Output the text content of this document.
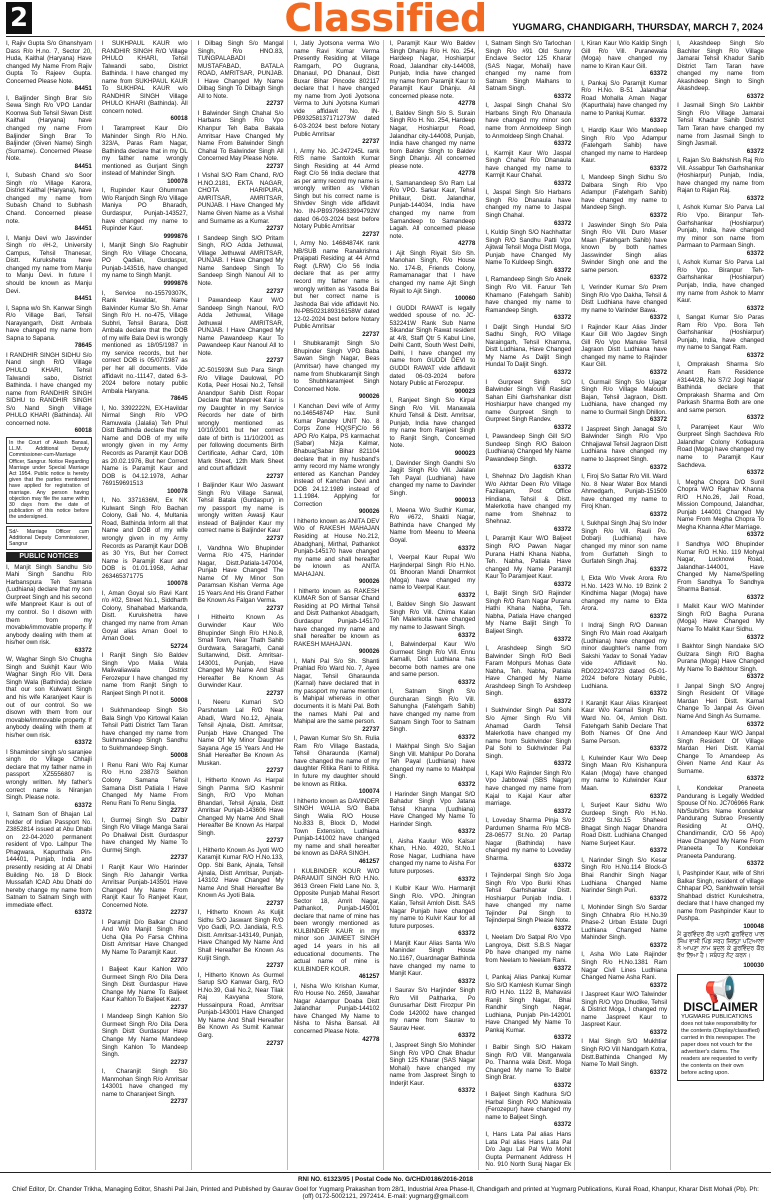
2	Classified	YUGMARG, CHANDIGARH, THURSDAY, MARCH 7, 2024

I, Rajiv Gupta S/o Ghanshyam Dass R/o H.no. 7, Sector 20, Huda, Kaithal (Haryana) Have changed My Name From Rajiv Gupta To Rajeev Gupta. Concerned Please Note.

84451

I, Baljinder Singh Brar S/o Sewa Singh R/o VPO Landar Koonwa Sub Tehsil Siwan Distt Kaithal (Haryana) have changed my name From Baljinder Singh Brar To Baljinder (Given Name) Singh (Surname). Concerned Please Note.

84451

I, Subash Chand s/o Soor Singh r/o Village Karora, District Kaithal (Haryana), have changed my name from Subash Chand to Subhash Chand. Concerned please note.

84451

I, Manju Devi w/o Jasvinder Singh r/o #H-2, University Campus, Tehsil Thanesar, Distt. Kurukshetra have changed my name from Manju to Manju Devi. In future I should be known as Manju Devi.

84451

I, Sapna w/o Sh. Kanwar Singh R/o Village Bari, Tehsil Narayangarh, Distt Ambala have changed my name from Sapna to Sapana.

78645

I RANDHIR SINGH SIDHU S/o Nand singh R/O Village PHULO KHARI, Tehsil Talwandi sabo, District Bathinda. I have changed my name from RANDHIR SINGH SIDHU to RANDHIR SINGH S/o Nand Singh Village PHULO KHARI (Bathinda). All concerned note.

60018
In the Court of Akash Bansal, LL.M. Additional Deputy Commissioner-cum-Marriage Officer, Sangrur. Notice Regarding Marriage under Special Marriage Act 1954. Public notice is hereby given that the parties mentioned have applied for registration of marriage. Any person having objection may file the same within 30 days from the date of publication of this notice before the undersigned.
Sd/- Marriage Officer cum Additional Deputy Commissioner, Sangrur
PUBLIC NOTICES

I, Manjit Singh Sandhu S/o Mahi Singh Sandhu R/o Harbanspura Teh Samana (Ludhiana) declare that my son Gurpreet Singh and his second wife Manpreet Kaur is out of my control. So I disown with them from my movable/immovable property. If anybody dealing with them at his/her own risk.

63372

W, Waghar Singh S/o Chugha Singh and Sukhjit Kaur W/o Waghar Singh R/o Vill. Dera Singh Wala (Bathinda) declare that our son Kulwant Singh and his wife Karanjeet Kaur is out of our control. So we disown with them from our movable/immovable property. If anybody dealing with them at his/her own risk.

63372

I Shaminder singh s/o saranjee singh r/o Village Chhajli declare that my father name in passport XZ5556807 is wrongly written. My father's correct name is Niranjan Singh. Please note.

63372

I, Satnam Son of Bhajan Lal holder of Indian Passport No. Z3852814 issued at Abu Dhabi on 22-04-2020 permanent resident of Vpo. Lalhpur The Phagwara, Kapurthala Pin-144401, Punjab, India and presently residing at Al Dhabi Building No. 18 D Block Mussafah ICAD Abu Dhabi do hereby change my name from Satnam to Satnam Singh with immediate effect.

63372

I SUKHPAUL KAUR w/o RANDHIR SINGH R/O Village PHULO KHARI, Tehsil Talwandi sabo, District Bathinda. I have changed my name from SUKHPAUL KAUR To SUKHPAL KAUR w/o RANDHIR SINGH Village PHULO KHARI (Bathinda). All concern noted.

60018

I Tarampreet Kaur D/o Mahinder Singh R/o H.No. 323/A, Paras Ram Nagar, Bathinda declare that in my DL my father name wrongly mentioned as Gurjant Singh instead of Mahinder Singh.

100078

I, Rupinder Kaur Ghumman W/o Ranjodh Singh R/o Village Maniya PO Bharadh, Gurdaspur, Punjab-143527, have changed my name to Rupinder Kaur.

9999876

I, Manjit Singh S/o Raghubir Singh R/o Village Chocana, PO Qadian, Gurdaspur, Punjab-143516, have changed my name to Singh Manjit.

9999876

I, Service no-15579307K, Rank Havaldar, Name Balvinder Kumar S/o Sh. Amar Singh R/o H. no-475, Village Subhri, Tehsil Barara, Distt Ambala declare that the DOB of my wife Bala Devi is wrongly mentioned as 18/05/1987 in my service records, but her correct DOB is 05/07/1987 as per her all documents. Vide affidavit no.-11147, dated 6-3-2024 before notary public Ambala Haryana.

78645

I, No. 3392222N, EX-Havildar Nirmal Singh R/o VPO Ramuwala (Jalalia) Teh Phul Distt Bathinda declare that my Name and DOB of my wife wrongly given in my Army Records as Paramjit Kaur DOB as 20.02.1976, But her Correct Name is Paramjit Kaur and DOB is 04.12.1978, Adhar 769159691513

100078

I, No. 3371636M, Ex NK Kulwant Singh R/o Bachan Colony, Gali No. 4, Multania Road, Bathinda Inform all that Name and DOB of my wife wrongly given in my Army Records as Paramjit Kaur DOB as 30 Yrs, But her Correct Name is Paramjit Kaur and DOB is 01.01.1958, Adhar 263465371775

100078

I, Aman Goyal s/o Ravi Kant r/o #02, Street No.1, Siddharth Colony, Shahabad Markanda, Distt. Kurukshetra have changed my name from Aman Goyal alias Aman Goel to Aman Goel.

52724

I Ranjit Singh S/o Baldev Singh Vpo Malia Wala Maliwaliawala District Ferozepur I have changed my name from Ranjit Singh to Ranjeet Singh Pl not it.

50008

I Sukhmandeep Singh S/o Bala Singh Vpo Kirtowal Kalan Tehsil Patti District Tarn Taran have changed my name from Sukhmandeep Singh Sandhu to Sukhmandeep Singh.

50008

I Renu Rani W/o Raj Kumar R/o H.no 2387/3 Sekhon Colony Samana Tehsil Samana Distt Patiala I Have Changed My Name From Renu Rani To Renu Singla.

22737

I, Gurmej Singh S/o Dalbir Singh R/o Village Manga Sarai Po Dhaliwal Distt. Gurdaspur have changed My Name To Gurmej Singh.

22737

I Ranjit Kaur W/o Harinder Singh R/o Jahangir Vertka Amritsar Punjab-143501 Have Changed My Name From Ranjit Kaur To Ranjeet Kaur, Concerned Note.

22737

I Paramjit D/o Balkar Chand And W/o Manjit Singh R/o Ucha Qila Po Farsa Chhina Distt Amritsar Have Changed My Name To Paramjit Kaur.

22737

I Baljeet Kaur Kahlon W/o Gurmeet Singh R/o Dila Dera Singh Distt Gurdaspur Have Change My Name To Baljeet Kaur Kahlon To Baljeet Kaur.

22737

I Mandeep Singh Kahlon S/o Gurmeet Singh R/o Dila Dera Singh Distt Gurdaspur Have Change My Name Mandeep Singh Kahlon To Mandeep Singh.

22737

I, Charanjit Singh S/o Manmohan Singh R/o Amritsar 143001 have changed my name to Charanjeet Singh.

22737

I Dilbag Singh S/o Mangal Singh, R/o HNO.83, TUNGPALABADI MUSTAFABAD, BATALA ROAD, AMRITSAR, PUNJAB. I Have Changed My Name Dilbag Singh To Dilbagh Singh All to Note.

22737

I Balwinder Singh Chahal S/o Harbans Singh R/o Vpo Khanpur Teh Baba Bakala Amritsar Have Changed My Name From Balwinder Singh Chahal To Balwinder Singh All Concerned May Please Note.

22737

I Vishal S/O Ram Chand, R/O H.NO.2181, EKTA NAGAR, CHOTA HARIPURA, AMRITSAR, AMRITSAR, PUNJAB. I Have Changed My Name Given Name as a Vishal and Surname as a Kumar.

22737

I Sandeep Singh S/O Pritam Singh, R/O Adda Jethuwal, Village Jethuwal AMRITSAR, PUNJAB. I Have Changed My Name Sandeep Singh To Sandeep Singh Nanoul All to Note.

22737

I Pawandeep Kaur W/O Sandeep Singh Nanoul, R/O Adda Jethuwal, Village Jethuwal AMRITSAR, PUNJAB. I Have Changed My Name Pawandeep Kaur To Pawandeep Kaur Nanoul All to Note.

22737

JC-501593M Sub Para Singh R/o Village Daulowal, PO Kotla, Peer Hosai No.2, Tehsil Anandpur Sahib Distt Ropar Declare that Manpreet Kaur is my Daughter in my Service Records her date of birth wrongly mentioned as 10/10/2001 but her correct date of birth is 11/10/2001 as per following documents Birth Certificate, Adhar Card, 10th Mark Sheet, 12th Mark Sheet and court affidavit

22737

I Baljinder Kaur W/o Jaswant Singh R/o Village Sarwal, Tehsil Batala (Gurdaspur) in my passport my name is wrongly written Awasji Kaur instead of Baljinder Kaur my correct name is Baljinder Kaur

22737

I, Vandhna W/o Bhupinder Verma R/o 475, Harinder Nagar, Distt.Patiala-147004, Punjab Have Changed The Name Of My Minor Son Paramsan Kishan Verma Age 15 Years And His Grand Father Be Known As Falgan Verma.

22737

I Hitheirto Known As Gurwinder Kaur W/o Bhupinder Singh R/o H.No.8, Small Town, Near Thath Sahib Gurdwara, Saragarhi, Canal Sultanwind, Distt. Amritsar-143001, Punjab, Have Changed My Name And Shall Hereafter Be Known As Gurwinder Kaur.

22737

I, Neeru Kumari S/O Parshotam Lal R/O Near Abadi, Ward No.12, Ajnala, Tehsil Ajnala, Distt. Amritsar, Punjab Have Changed The Name Of My Minor Daughter Sayana Age 15 Years And He Shall Hereafter Be Known As Muskan.

22737

I, Hitherto Known As Harpal Singh Panma S/O Kashmir Singh, R/O Vpo Mohan Bhandari, Tehsil Ajnala, Distt Amritsar Punjab-143606 Have Changed My Name And Shall Hereafter Be Known As Harpal Singh.

22737

I, Hitherto Known As Jyoti W/O Karamjit Kumar R/O H.No.133, Opp. Sbi Bank, Ajnala, Tehsil Ajnala, Distt Amritsar, Punjab-143102 Have Changed My Name And Shall Hereafter Be Known As Jyoti Bala.

22737

I, Hitherto Known As Kuljit Sidhu S/O Jaswant Singh R/O Vpo Gadli, P.O. Jandiala, R.S. Distt. Amritsar-143149, Punjab, Have Changed My Name And Shall Hereafter Be Known As Kuljit Singh.

22737

I, Hitherto Known As Gurmel Sarup S/O Kanwar Garg, R/O H.No.39, Gali No.2, Near Tilak Raj Kavyana Store, Hussainpura Road, Amritsar Punjab-143001 Have Changed My Name And Shall Hereafter Be Known As Sumit Kanwar Garg.

22737

I, Jatiy Jyotsona verma W/o name Ravi Kumar Verma Presently Residing at Village Ramgarh, PO Gugrana, Dhanaul, PO Dhanaul, Distt Buxar Bihar Pincode 802117 declare that I have changed my name from Jyoti Jyotsona Verma to Juhi Jyotsna Kumari vide affidavit No. IN-PB93258137171273W dated 6-03-2024 best before Notary Public Amritsar

22737

I, Army No. JC-247245L rank RIS name Santokh Kumar Singh Residing at 44 Armd Regt C/o 56 India declare that as per army record my name is wrongly written as Vikhan Singh but his correct name is Shivdev Singh vide affidavit No. IN-PB93796633994792W dated 06-03-2024 best before Notary Public Amritsar

22737

I, Army No. 14684874K rank NB/SUB name Ranakrishna Prajapati Residing at 44 Armd Regt (LRW) C/o 56 India declare that as per army record my father name is wrongly written as Yasoda Bai but her correct name is Jashoda Bai vide affidavit No. IN-PB5023189316158W dated 12-02-2024 best before Notary Public Amritsar

22737

I Shubkaramjit Singh S/o Bhupinder Singh VPO Baba Sawan Singh Nagar, Beas (Amritsar) have changed my name from Shubkaramjit Singh to Shubhkaramjeet Singh Concerned Note.

900026

I Kanchan Devi wife of Army no.14654874P Hav. Sunil Kumar Pandey UNIT No. 8 Corps Zone HQ(SF)C/o 56 APO R/o Kalpa, PS karmachat (Sabar) Nizja Kalmar, Bhabua(Sabar Bihar 821104 declare that in my husband's army record my Name wrongly entered as Kanchan Pandey instead of Kanchan Devi and DOB 24.12.1989 instead of 1.1.1984. Applying for Correction

900026

I hitherto known as ANITA DEV W/o of RAKESH MAHAJAN Residing at House No.212, Abadghanj, Mirthal, Pathankot Punjab-145170 have changed my name and shall hereafter be known as ANITA MAHAJAN.

900026

I hitherto known as RAKESH KUMAR Son of Sansar Chand Residing at PO Mirthal Tehsil and Distt Pathankot Abadgarh, Gurdaspur Punjab-145170 have changed my name and shall hereafter be known as RAKESH MAHAJAN.

900026

I, Mahi Pal S/o Sh. Shanti Prahlad R/o Ward No. 7, Ayee Nagar, Tehsil Gharaunda (Karnal) have declared that in my passport my name mention is Mahipal whereas in other documents it is Mahi Pal. Both the names Mahi Pal and Mahipal are the same person.

22737

I, Pawan Kumar S/o Sh. Rulia Ram R/o Village Bastada, Tehsil Gharaunda (Karnal) have changed the name of my daughter Ritika Rani to Ritika. In future my daughter should be known as Ritika.

100074

I hitherto known as DAVINDER SINGH WALIA S/O Baba Singh Walia R/O House No.833 B, Block D, Model Town Extension, Ludhiana Punjab-141002 have changed my name and shall hereafter be known as DARA SINGH.

461257

I KULBINDER KOUR W/O PARAMJIT SINGH R/O H.No. 3613 Green Field Lane No. 3, Opposite Punjab Mahal Resort Sector 18, Amrit Nagar, Pathankot, Punjab-145001 declare that name of mine has been wrongly mentioned as KULBINDER KAUR in my minor son JAIMEET SINGH aged 14 years in his all educational documents. The actual name of mine is KULBINDER KOUR.

461257

I, Nisha W/o Krishan Kumar, R/o House No. 2659, Jawahar Nagar Adampur Doaba Distt Jalandhar Punjab-144102 have Changed My Name to Nisha to Nisha Bansal. All concerned Please Note.

42778

I, Paramjit Kaur W/o Baldev Singh Dhanju R/o H. No. 254, Hardeep Nagar, Hoshiarpur Road, Jalandhar city-144008, Punjab, India have changed my name from Paramjit Kaur to Paramjit Kaur Dhanju. All concerned please note.

42778

I, Baldev Singh S/o S. Surain Singh R/o H. No. 254, Hardeep Nagar, Hoshiarpur Road, Jalandhar city-144008, Punjab, India have changed my name from Baldev Singh to Baldev Singh Dhanju. All concerned please note.

42778

I, Samanandeep S/o Ram Lal R/o VPO. Sarkar Kaur, Tehsil Phillaur, Distt. Jalandhar, Punjab-144034, India have changed my name from Samandeep to Samandeep Lagah. All concerned please note.

42778

I Ajit Singh Riyait S/o Sh. Manohan Singh, R/o House No. 174-B, Friends Colony, Ramamanagar that I have changed my name Ajit Singh Riyait to Ajit Singh.

100060

I GUDDI RAWAT is legally wedded spouse of no. JC-532241W Rank Sub Name Sikandar Singh Rawat resident at 4/8, Staff Qtr 5 Kabul Line, Delhi Cantt, South West Delhi, Delhi, I have changed my name from GUDDI DEVI to GUDDI RAWAT vide affidavit dated 06-03-2024 before Notary Public at Ferozepur.

900023

I, Ranjeet Singh S/o Kirpal Singh R/o Vill. Manawala Khurd Tehsil & Distt. Amritsar, Punjab, India have changed my name from Ranjeet Singh to Ranjit Singh, Concerned Note.

900023

I, Davinder Singh Gandhi S/o Jagjit Singh R/o Vill. Jalalan Teh Payal (Ludhiana) have changed my name to Davinder Singh.

900013

I, Meena W/o Sudhir Kumar, R/o #672, Shakti Nagar, Bathinda have Changed My Name from Meenu to Meena Goyal.

63372

I, Veerpal Kaur Rupal W/o Harjinderpal Singh R/o H.No. 01 Bhooran Mandi Dharmkot (Moga) have changed my name to Veerpal Kaur.

63372

I, Baldev Singh S/o Jaswant Singh R/o Vill. Chima Kalan Teh Malerkotla have changed my name to Jaswant Singh.

63372

I, Balwinderpal Kaur W/o Gurmeet Singh R/o Vill. Ennu Kamalli, Dist Ludhiana has become both names are one and same person.

63372

I, Satnam Singh S/o Gurcharan Singh R/o Vill. Sahungha (Fatehgarh Sahib) have changed my name from Satnam Singh Toor to Satnam Singh.

63372

I Makhpal Singh S/o Sajjan Singh Vill. Mahlipur Po Doraha Teh Payal (Ludhiana) have changed my name to Makhpal Singh.

63372

I Harinder Singh Mangat S/O Bahadur Singh Vpo Jatana Tehsil Khanna (Ludhiana) Have Changed My Name To Harinder Singh.

63372

I, Aisha Kaulur W/o Kalsar Khan, H.No. 4920, St.No.1 Rose Nagar, Ludhiana have changed my name to Aisha For future purposes.

63372

I Kulbir Kaur W/o. Harmanjit Singh R/o. VPO. Jhingran Kalan, Tehsil Amloh Distt. SAS Nagar Punjab have changed my name to Kulvir Kaur for all future purposes.

63372

I Manjit Kaur Alias Santa W/o Maninder Singh House No.1167, Guardnagar Bathinda have changed my name to Manjit Kaur.

63372

I Saurav S/o Harjinder Singh R/o Vill Paltharka, Po Gurusarhar Distt Firozpur Pin Code 142002 have changed my name from Saurav to Saurav Heer.

63372

I, Jaspreet Singh S/o Mohinder Singh R/o VPO Chak Bhadur Singh 125 Kharar (SAS Nagar Mohali) have changed my name from Jaspreet Singh to Inderjit Kaur.

63372

I, Satnam Singh S/o Tarlochan Singh R/o #91 Old Sunny Enclave Sector 125 Kharar (SAS Nagar, Mohali) have changed my name from Satnam Singh Malhans to Satnam Singh.

63372

I, Jaspal Singh Chahal S/o Harbans Singh R/o Dhanaula have changed my minor son name from Anmoldeep Singh to Anmoldeep Singh Chahal.

63372

I, Karmjit Kaur W/o Jaspal Singh Chahal R/o Dhanaula have changed my name to Karmjit Kaur Chahal.

63372

I, Jaspal Singh S/o Harbans Singh R/o Dhanaula have changed my name to Jaspal Singh Chahal.

63372

I, Kuldip Singh S/O Nachhattar Singh R/O Sandhu Patti Vpo Ajitwal Tehsil Moga Distt Moga, Punjab have Changed My Name To Kuldeep Singh.

63372

I, Ramandeep Singh S/o Aneik Singh R/o Vill. Faruur Teh Khamano (Fatehgarh Sahib) have changed my name to Ramandeep Singh.

63372

I Daljit Singh Hundal S/O Sadhu Singh, R/O Village Naraingarh, Tehsil Khamma, Distt Ludhiana, Have Changed My Name As Daljit Singh Hundal To Daljit Singh.

63372

I Gurpreet Singh S/O Balwinder Singh Vill Rasidar Sahan Eihi Garhshankar distt Hoshiarpur have changed my name Gurpreet Singh to Gurpreet Singh Randev.

63372

I, Pawandeep Singh Gill S/O Sundeep Singh R/O Baloon (Ludhiana) Changed My Name Pawandeep Singh.

63372

I, Shehnaz D/o Jagdish Khan W/o Akhtar Deen R/o Village Fazilaqam, Post Office Hindiana, Tehsil & Distt. Malerkotla have changed my name from Shehnaz to Shehnaz.

63372

I, Paramjit Kaur W/O Baljeet Singh R/O Pawan Nagar Purana Hathi Khana Nabha, Teh. Nabha, Patiala Have changed My Name Paramjit Kaur To Paramjeet Kaur.

63372

I, Baljit Singh S/O Rajinder Singh R/O Ram Nagar Purana Hathi Khana Nabha, Teh. Nabha, Patiala Have changed My Name Baljit Singh To Baljeet Singh.

63372

I, Arashdeep Singh S/O Balwinder Singh R/O Bedi Faram Mohpurs Mohas Gate Nabha, Teh. Nabha, Patiala Have Changed My Name Arashdeep Singh To Arshdeep Singh.

63372

I Sukhvinder Singh Pal Sohi S/o Ajmer Singh R/o Vill Ahamad Gardh Tehsil Malerkotla have changed my name from Sukhvinder Singh Pal Sohi to Sukhvinder Pal Singh.

63372

I, Kapi W/o Rajinder Singh R/o Vpo Jabbowal (SBS Nagar) have changed my name from Kajal to Kajal Kaur after marriage.

63372

I, Loveday Sharma Pinja S/o Pardumen Sharma R/o MCB-Z8-06577 St.No. 20 Partap Nagar (Bathinda) have changed my name to Loveday Sharma.

63372

I Tejinderpal Singh S/o Joga Singh R/o Vpo Burki Khas Tehsil Garhshankar Distt. Hoshiarpur Punjab India. I have changed my name Tejinder Pal Singh to Tejinderpal Singh Please Note.

63372

I, Neelam D/o Satpal R/o Vpo Langroya, Distt S.B.S Nagar Pb have changed my name from Neelam to Neelam Rani.

63372

I, Pankaj Alias Pankaj Kumar S/o S/O Kamlesh Kumar Singh R/O H.No. 1122 B, Mahavasi Ranjit Singh Nagar, Bhai Randhir Singh Nagar, Ludhiana, Punjab Pin-142001 Have Changed My Name To Pankaj Kumar.

63372

I Balbir Singh S/O Hakam Singh R/O Vill. Mangarwala Po. Thanna wala Distt. Moga Changed My name To Balbir Singh Brar.

63372

I Baljeet Singh Kadhura S/O Harbal Singh R/O Mahiowala (Ferozepur) have changed my name to Baljeet Singh.

63372

I, Hans Lata Pal alias Hans Lata Pal alias Hans Lata Pal D/o Jagu Lal Pal W/o Mohit Gupta Permanent Address H No. 910 North Suraj Nagar Ek

I, Kiran Kaur W/o Kaldip Singh Gill R/o Vill. Puranewala (Moga) have changed my name to Kiran Kaur Gill.

63372

I, Pankaj S/o Paramjit Kumar R/o H.No. B-51 Jalandhar Road Mohalla Aman Nagar (Kapurthala) have changed my name to Pankaj Kumar.

63372

I, Hardip Kaur W/o Mandeep Singh R/o Vpo Adampur (Fatehgarh Sahib) have changed my name to Hardeep Kaur.

63372

I, Mandeep Singh Sidhu S/o Dalbara Singh R/o Vpo Adampur (Fatehgarh Sahib) have changed my name to Mandeep Singh.

63372

I Jaswinder Singh S/o Pala Singh R/o Vill. Duro Maser Maan (Fatehgarh Sahib) have known by both names Jasswinder Singh alias Swinder Singh one and the same person.

63372

I, Verinder Kumar S/o Prem Singh R/o Vpo Dakha, Tehsil & Distt Ludhiana have changed my name to Varinder Bawa.

63372

I Rajinder Kaur Alias Jinder Kaur Gill W/o Jagdev Singh Gill R/o Vpo Manuke Tehsil Jagraon Distt Ludhiana have changed my name to Rajinder Kaur Gill.

63372

I, Gurmail Singh S/o Ujagar Singh R/o Village Maloudh Bajan, Tehsil Jagraon, Distt. Ludhiana, have changed my name to Gurmail Singh Dhillon.

63372

I Jaspreet Singh Janagal S/o Balwinder Singh R/o Vpo Chhajjawal Tehsil Jagraon Distt Ludhiana have changed my name to Jaspreet Singh.

63372

I, Firoj S/o Sattar R/o Vill. Ward No. 8 Near Water Box Mandi Ahmedgarh, Punjab-151509 have changed my name to Firoj Khan.

63372

I, Sukhpal Singh Jhaj S/o Inder Singh R/o Vill. Rauli Po. Dobarji (Ludhiana) have changed my minor son name from Gurfatteh Singh to Gurfateh Singh Jhaj.

63372

I, Ekta W/o Vivek Arora R/o H.No. 1423 W.No. 19 Bzink 2 Kindhima Nagar (Moga) have changed my name to Ekta Arora.

63372

I Indraj Singh R/O Darwan Singh R/o Main road Akalgarh (Ludhiana) have changed my minor daughter's name from Sakshi Yadav to Sonali Yadav vide Affidavit No. RD0222403723 dated 05-01-2024 before Notary Public, Ludhiana.

63372

I Karanjit Kaur Alias Kiranjeet Kaur W/o Karnail Singh R/o Ward No. 04, Amloh Distt. Fatehgarh Sahib Declare That Both Names Of One And Same Person.

63372

I, Kulwinder Kaur W/o Deep Singh Maan R/o Kishanpura Kalan (Moga) have changed my name to Kulwinder Kaur Maan.

63372

I, Surjeet Kaur Sidhu W/o Gurdeep Singh R/o H.No. 2029 St.No.15 Shaheed Bhagat Singh Nagar Dhandra Road Distt. Ludhiana Changed Name Surjeet Kaur.

63372

I, Narinder Singh S/o Kesar Singh R/o H.No.114 Block-G Bhai Randhir Singh Nagar Ludhiana Changed Name Narinder Singh Puri.

63372

I, Mohinder Singh S/o Sardar Singh Chhabra R/o H.No.39 Phase-2 Urban Estate Dugri Ludhiana Changed Name Mahinder Singh.

63372

I, Asha W/o Late Rajinder Singh R/o H.No.1381 Ram Nagar Civil Lines Ludhiana Changed Name Asha Rani.

63372

I Jaspreet Kaur W/O Talwinder Singh R/O Vpo Dhudike, Tehsil & District Moga, I changed my name Jaspreet Kaur to Jaspreet Kaur.

63372

I Mal Singh S/O Mukhtiar Singh R/O Vill Nandgarh Kotra, Distt.Bathinda Changed My Name To Mall Singh.

63372

I, Akashdeep Singh S/o Bachiter Singh R/o Village Jamarai Tehsil Khadur Sahib District Tarn Taran have changed my name from Akashdeep Singh to Singh Akashdeep.

63372

I Jasmail Singh S/o Lakhbir Singh R/o Village Jamarai Tehsil Khadur Sahib District Tarn Taran have changed my name from Jasmail Singh to Singh Jasmail.

63372

I, Rajan S/o Bakhshish Raj R/o Vill. Assabpur Teh Garhshankar (Hoshiarpur) Punjab, India, have changed my name from Rajan to Rajan Raj.

63372

I, Ashok Kumar S/o Parva Lal R/o Vpo. Biranpur Teh-Garhshankar (Hoshiarpur) Punjab, India, have changed my minor son name from Parmaan to Parmaan Singh.

63372

I, Ashok Kumar S/o Parva Lal R/o Vpo. Biranpur Teh-Garhshankar (Hoshiarpur) Punjab, India, have changed my name from Ashok to Mamr Kaur.

63372

I, Sangat Kumar S/o Paras Ram R/o Vpo. Bora Teh Garhshankar (Hoshiarpur) Punjab, India, have changed my name to Sangat Ram.

63372

I, Omprakash Sharma S/o Anant Ram Residence #3144/2B, No S7/2 Jogi Nagar Bathinda declare that Omprakash Sharma and Om Parkash Sharma Both are one and same person.

63372

I, Paramjeet Kaur W/o Gurpreet Singh Sachdeva R/o Jalandhar Colony Kotkapura Road (Moga) have changed my name to Paramjit Kaur Sachdeva.

63372

I, Megha Chopra D/O Sunil Chopra W/O Raghav Khanna R/O H.No.26, Jail Road, Mission Compound, Jalandhar, Punjab 144001 Changed My Name From Megha Chopra To Megha Khanna After Marriage.

63372

I Sandhya W/O Bhupinder Kumar R/O H.No. 119 Mohyal Nagar, Lucknowi Road, Jalandhar-144001, Have Changed My Name/Spelling From Sandhya To Sandhya Sharma Bansal.

63372

I Malkit Kaur W/O Mahinder Singh R/O Bagha Purana (Moga) Have Changed My Name To Malkit Kaur Sidhu.

63372

I Bakhtor Singh Nandake S/O Gulzara Singh R/O Bagha Purana (Moga) Have Changed My Name To Bakhtour Singh.

63372

I Janpal Singh S/O Angrej Singh Resident Of Village Mardan Heri Distt. Karnal Change To Janpal As Given Name And Singh As Surname.

63372

I Amandeep Kaur W/O Janpal Singh Resident Of Village Mardan Heri Distt. Karnal Change To Amandeep As Given Name And Kaur As Surname.

63372

I, Kondekar Praneeta Pandurang is Legally Wedded Spouse Of No. JC706966 Rank Nb/Sub/Ors Name Kondekar Pandurang Subrao Presently Residing At O/HQ, Chandimandir, C/O 56 Apo) Have Changed My Name From Praneeta To Kondekar Praneeta Pandurang.

63372

I, Pashpinder Kaur, wife of Shri Balkar Singh, resident of village Chhapar PO, Sankhwalin tehsil Shahbad district Kurukshetra, declare that I have changed my name from Pashpinder Kaur to Pushpa.

100048
ਮੈਂ ਗੁਰਵਿੰਦਰ ਕੌਰ ਪਤਨੀ ਗੁਰਵਿੰਦਰ ਪਾਲ ਸਿੰਘ ਵਾਸੀ ਪਿੰਡ ਸਰਹ ਜ਼ਿਲ੍ਹਾ ਪਟਿਆਲਾ ਨੇ ਆਪਣਾ ਨਾਮ ਬਦਲ ਕੇ ਗੁਰਵਿੰਦਰ ਕੌਰ ਰੱਖ ਲਿਆ ਹੈ। ਸਬੰਧਤ ਨੋਟ ਕਰਨ।
100030
📢
DISCLAIMER
YUGMARG PUBLICATIONS does not take responsibility for the contents (Display/classified) carried in this newspaper. The paper does not vouch for the advertiser's claims. The readers are requested to verify the contents on their own before acting upon.
RNI NO. 61323/95 | Postal Code No. G/CHD/0186/2016-2018
Chief Editor, Dr. Chander Trikha, Managing Editor, Shashi Pal Jain, Printed and Published by Gaurav Goel for Yugmarg Prakashan from 28/1, Industrial Area Phase-II, Chandigarh and printed at Yugmarg Publications, Kurali Road, Khanpur, Kharar Distt Mohali (Pb). Ph: (off) 0172-5002121, 2972414. E-mail: yugmarg@gmail.com
